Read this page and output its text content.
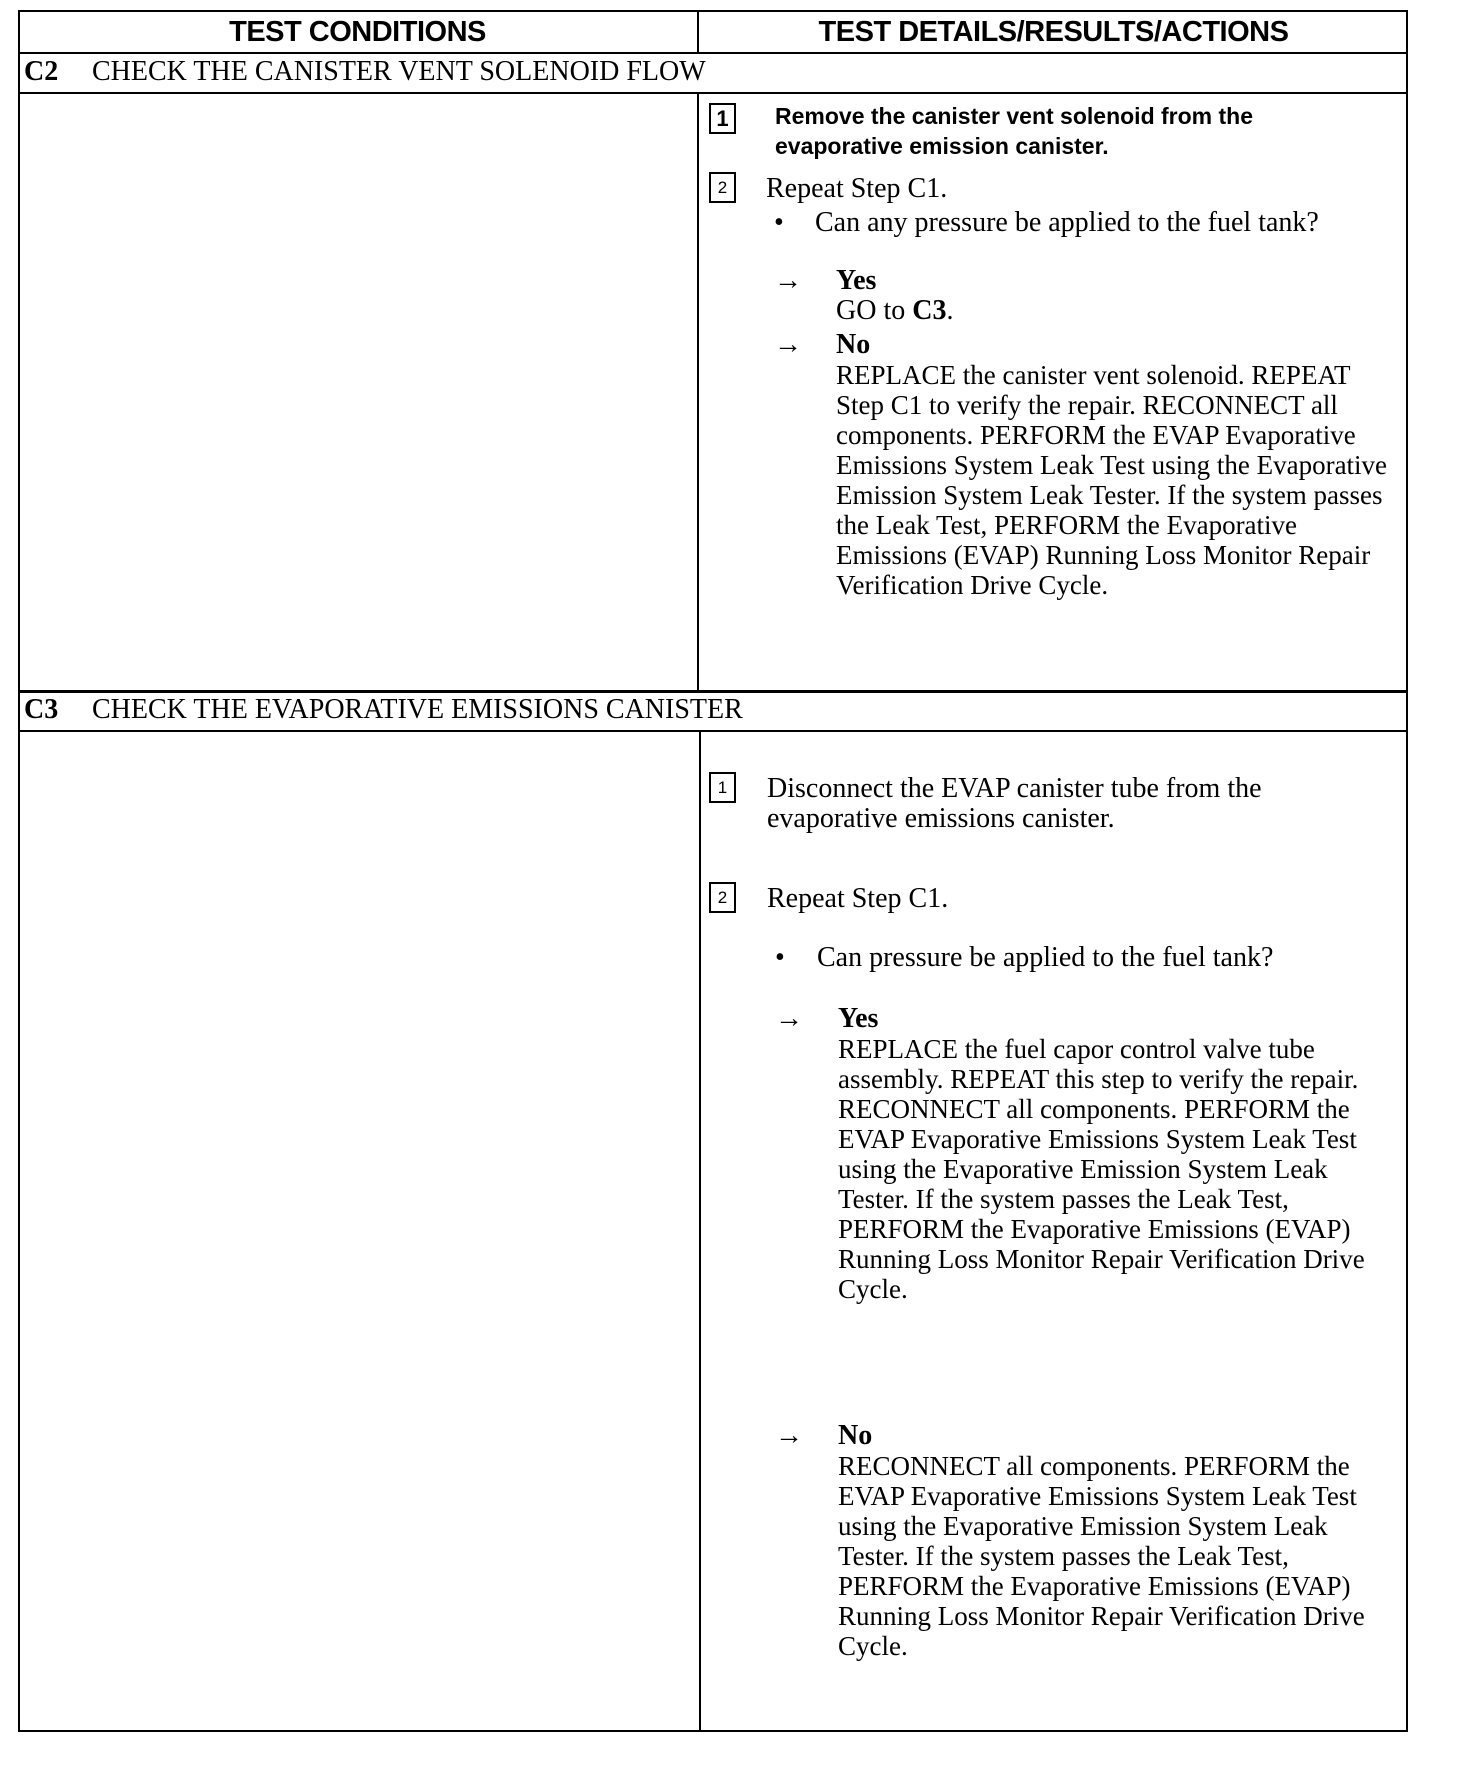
TEST CONDITIONS	TEST DETAILS/RESULTS/ACTIONS
C2 CHECK THE CANISTER VENT SOLENOID FLOW
1	Remove the canister vent solenoid from the evaporative emission canister.
2	Repeat Step C1.
• Can any pressure be applied to the fuel tank?
→ Yes
GO to C3.
→ No
REPLACE the canister vent solenoid. REPEAT Step C1 to verify the repair. RECONNECT all components. PERFORM the EVAP Evaporative Emissions System Leak Test using the Evaporative Emission System Leak Tester. If the system passes the Leak Test, PERFORM the Evaporative Emissions (EVAP) Running Loss Monitor Repair Verification Drive Cycle.
C3 CHECK THE EVAPORATIVE EMISSIONS CANISTER
1	Disconnect the EVAP canister tube from the evaporative emissions canister.
2	Repeat Step C1.
• Can pressure be applied to the fuel tank?
→ Yes
REPLACE the fuel capor control valve tube assembly. REPEAT this step to verify the repair. RECONNECT all components. PERFORM the EVAP Evaporative Emissions System Leak Test using the Evaporative Emission System Leak Tester. If the system passes the Leak Test, PERFORM the Evaporative Emissions (EVAP) Running Loss Monitor Repair Verification Drive Cycle.
→ No
RECONNECT all components. PERFORM the EVAP Evaporative Emissions System Leak Test using the Evaporative Emission System Leak Tester. If the system passes the Leak Test, PERFORM the Evaporative Emissions (EVAP) Running Loss Monitor Repair Verification Drive Cycle.
